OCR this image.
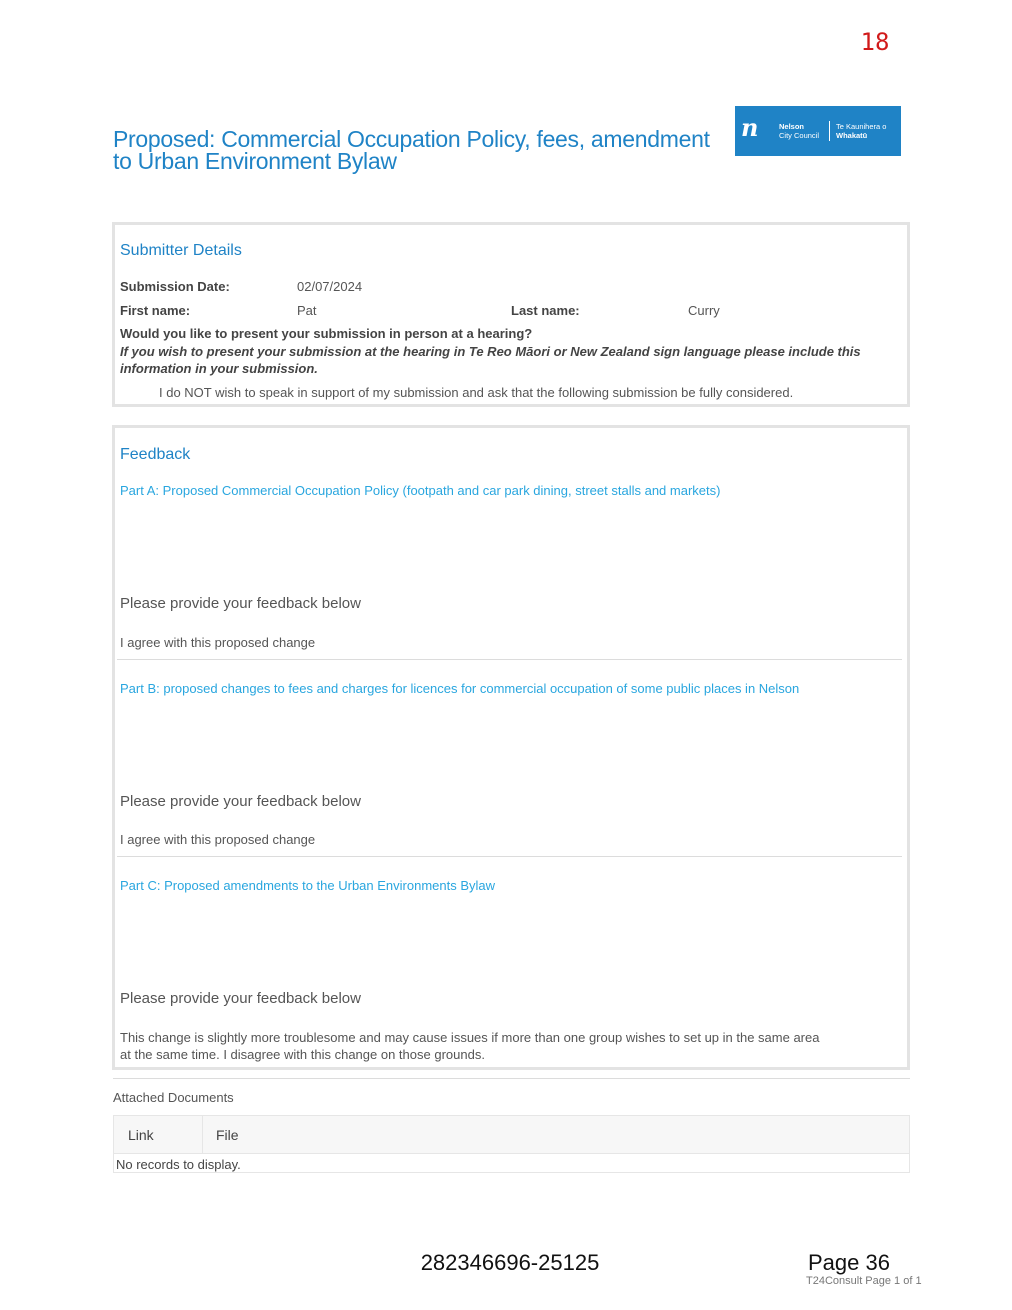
18
Proposed: Commercial Occupation Policy, fees, amendment to Urban Environment Bylaw
n	Nelson
City Council
Te Kaunihera o
Whakatū
Submitter Details
Submission Date:	02/07/2024
First name:	Pat	Last name:	Curry
Would you like to present your submission in person at a hearing?
If you wish to present your submission at the hearing in Te Reo Māori or New Zealand sign language please include this information in your submission.
I do NOT wish to speak in support of my submission and ask that the following submission be fully considered.
Feedback
Part A: Proposed Commercial Occupation Policy (footpath and car park dining, street stalls and markets)
Please provide your feedback below
I agree with this proposed change
Part B: proposed changes to fees and charges for licences for commercial occupation of some public places in Nelson
Please provide your feedback below
I agree with this proposed change
Part C: Proposed amendments to the Urban Environments Bylaw
Please provide your feedback below
This change is slightly more troublesome and may cause issues if more than one group wishes to set up in the same area at the same time. I disagree with this change on those grounds.
Attached Documents
Link	File
No records to display.
282346696-25125	Page 36
T24Consult Page 1 of 1
